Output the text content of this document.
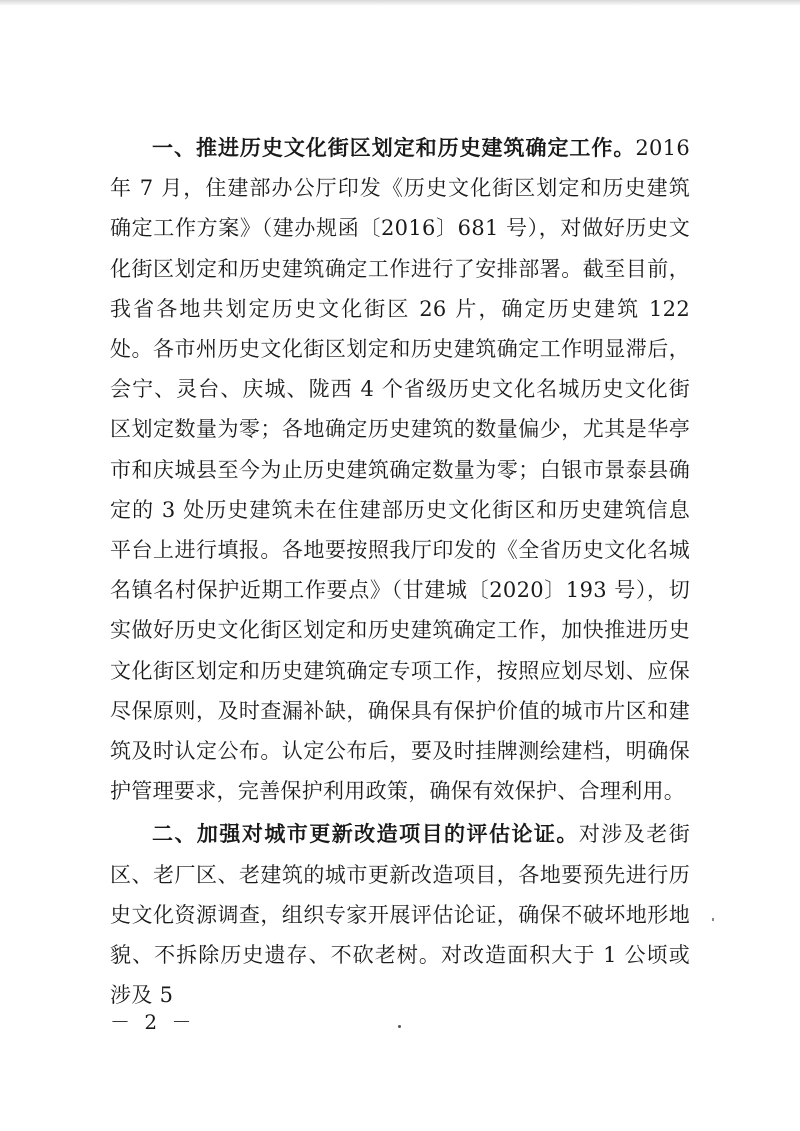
一、推进历史文化街区划定和历史建筑确定工作。2016 年 7 月，住建部办公厅印发《历史文化街区划定和历史建筑确定工作方案》（建办规函〔2016〕681 号），对做好历史文化街区划定和历史建筑确定工作进行了安排部署。截至目前，我省各地共划定历史文化街区 26 片，确定历史建筑 122 处。各市州历史文化街区划定和历史建筑确定工作明显滞后，会宁、灵台、庆城、陇西 4 个省级历史文化名城历史文化街区划定数量为零；各地确定历史建筑的数量偏少，尤其是华亭市和庆城县至今为止历史建筑确定数量为零；白银市景泰县确定的 3 处历史建筑未在住建部历史文化街区和历史建筑信息平台上进行填报。各地要按照我厅印发的《全省历史文化名城名镇名村保护近期工作要点》（甘建城〔2020〕193 号），切实做好历史文化街区划定和历史建筑确定工作，加快推进历史文化街区划定和历史建筑确定专项工作，按照应划尽划、应保尽保原则，及时查漏补缺，确保具有保护价值的城市片区和建筑及时认定公布。认定公布后，要及时挂牌测绘建档，明确保护管理要求，完善保护利用政策，确保有效保护、合理利用。

二、加强对城市更新改造项目的评估论证。对涉及老街区、老厂区、老建筑的城市更新改造项目，各地要预先进行历史文化资源调查，组织专家开展评估论证，确保不破坏地形地貌、不拆除历史遗存、不砍老树。对改造面积大于 1 公顷或涉及 5

－ 2 －
